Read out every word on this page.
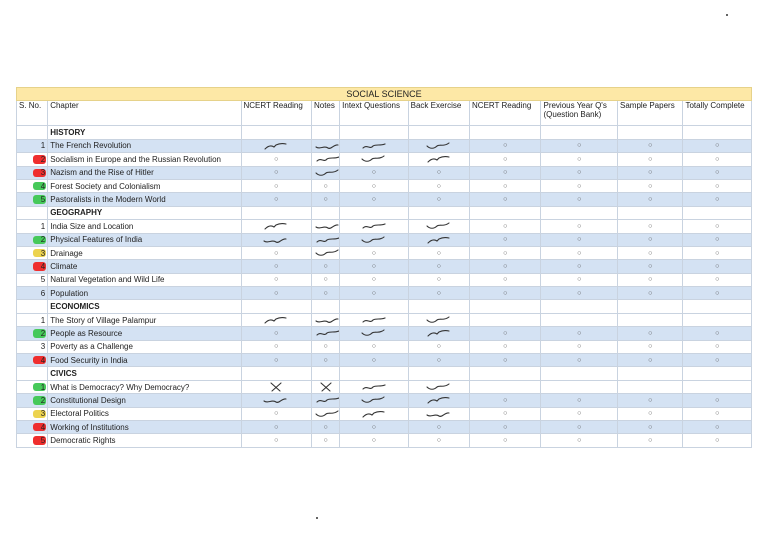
SOCIAL SCIENCE									
S. No.	Chapter	NCERT Reading	Notes	Intext Questions	Back Exercise	NCERT Reading	Previous Year Q's (Question Bank)	Sample Papers	Totally Complete
	HISTORY								
1	The French Revolution					○	○	○	○

2	Socialism in Europe and the Russian Revolution	○				○	○	○	○

3	Nazism and the Rise of Hitler	○		○	○	○	○	○	○

4	Forest Society and Colonialism	○	○	○	○	○	○	○	○

5	Pastoralists in the Modern World	○	○	○	○	○	○	○	○
	GEOGRAPHY								
1	India Size and Location					○	○	○	○

2	Physical Features of India					○	○	○	○

3	Drainage	○		○	○	○	○	○	○

4	Climate	○	○	○	○	○	○	○	○
5	Natural Vegetation and Wild Life	○	○	○	○	○	○	○	○
6	Population	○	○	○	○	○	○	○	○
	ECONOMICS								
1	The Story of Village Palampur	

2	People as Resource	○				○	○	○	○
3	Poverty as a Challenge	○	○	○	○	○	○	○	○

4	Food Security in India	○	○	○	○	○	○	○	○
	CIVICS								

1	What is Democracy? Why Democracy?	

2	Constitutional Design					○	○	○	○

3	Electoral Politics	○				○	○	○	○

4	Working of Institutions	○	○	○	○	○	○	○	○

5	Democratic Rights	○	○	○	○	○	○	○	○
